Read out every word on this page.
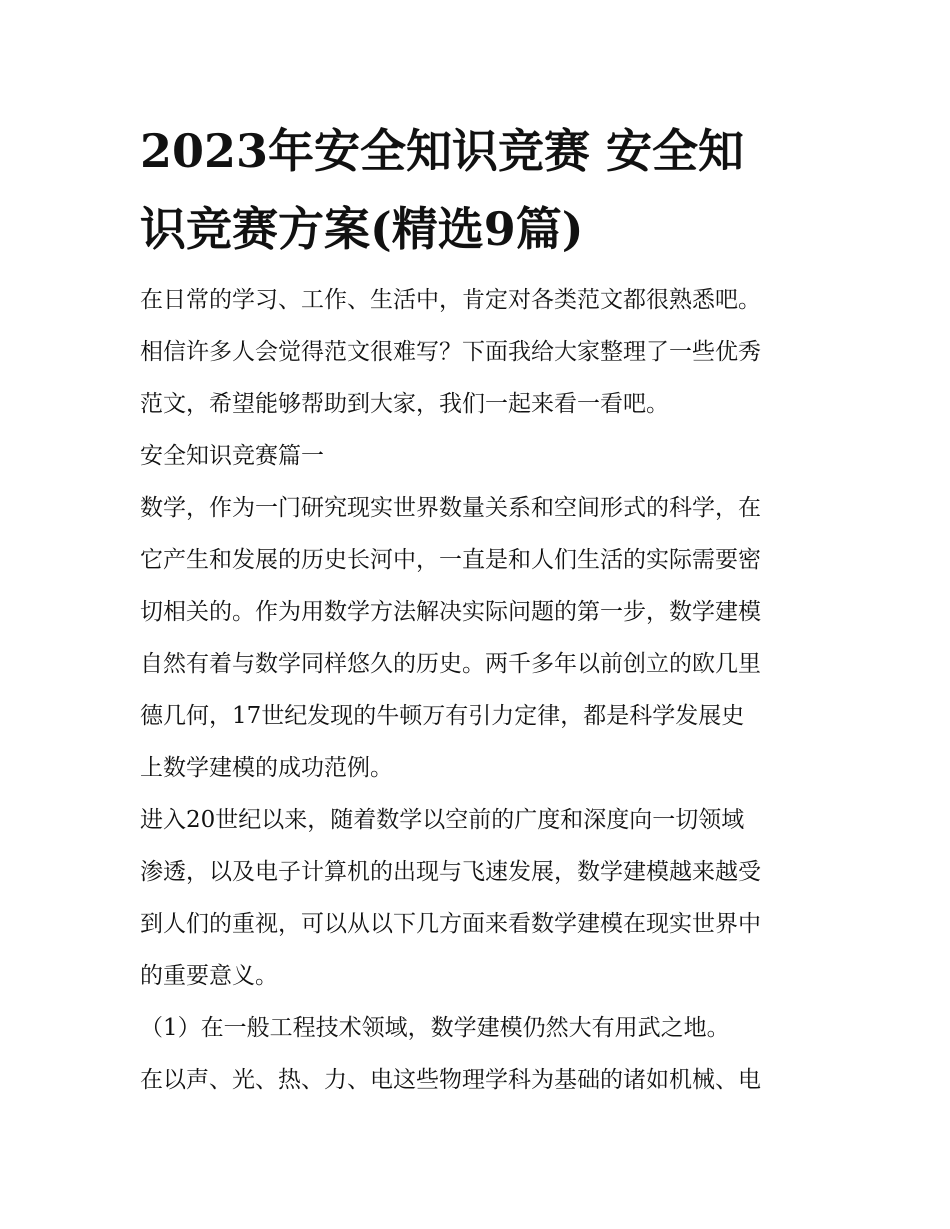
2023年安全知识竞赛 安全知
识竞赛方案(精选9篇)
在日常的学习、工作、生活中，肯定对各类范文都很熟悉吧。
相信许多人会觉得范文很难写？下面我给大家整理了一些优秀
范文，希望能够帮助到大家，我们一起来看一看吧。
安全知识竞赛篇一
数学，作为一门研究现实世界数量关系和空间形式的科学，在
它产生和发展的历史长河中，一直是和人们生活的实际需要密
切相关的。作为用数学方法解决实际问题的第一步，数学建模
自然有着与数学同样悠久的历史。两千多年以前创立的欧几里
德几何，17世纪发现的牛顿万有引力定律，都是科学发展史
上数学建模的成功范例。
进入20世纪以来，随着数学以空前的广度和深度向一切领域
渗透，以及电子计算机的出现与飞速发展，数学建模越来越受
到人们的重视，可以从以下几方面来看数学建模在现实世界中
的重要意义。
（1）在一般工程技术领域，数学建模仍然大有用武之地。
在以声、光、热、力、电这些物理学科为基础的诸如机械、电
